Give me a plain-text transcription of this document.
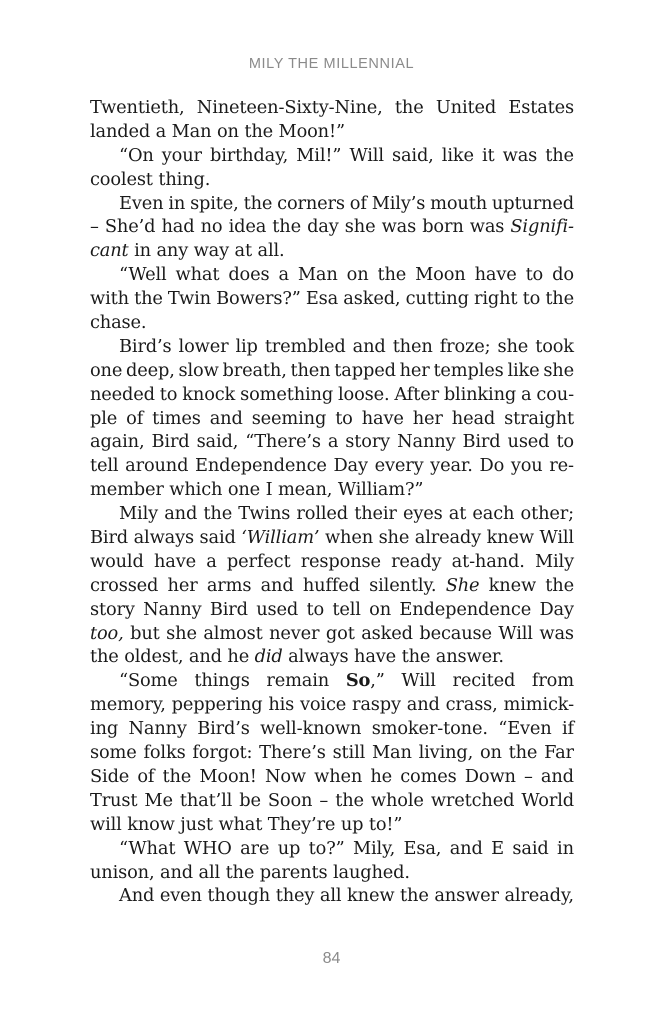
MILY THE MILLENNIAL
Twentieth, Nineteen-Sixty-Nine, the United Estates
landed
a
Man
on
the
Moon!”
“On your birthday, Mil!” Will said, like it was the
coolest
thing.
Even in spite, the corners of Mily’s mouth upturned
– She’d had no idea the day she was born was Signifi-
cant
in
any
way
at
all.
“Well what does a Man on the Moon have to do
with the Twin Bowers?” Esa asked, cutting right to the
chase.
Bird’s lower lip trembled and then froze; she took
one deep, slow breath, then tapped her temples like she
needed to knock something loose. After blinking a cou-
ple of times and seeming to have her head straight
again, Bird said, “There’s a story Nanny Bird used to
tell around Endependence Day every year. Do you re-
member
which
one
I
mean,
William?”
Mily and the Twins rolled their eyes at each other;
Bird always said ‘William’ when she already knew Will
would have a perfect response ready at-hand. Mily
crossed her arms and huffed silently. She knew the
story Nanny Bird used to tell on Endependence Day
too, but she almost never got asked because Will was
the
oldest,
and
he
did
always
have
the
answer.
“Some things remain So,” Will recited from
memory, peppering his voice raspy and crass, mimick-
ing Nanny Bird’s well-known smoker-tone. “Even if
some folks forgot: There’s still Man living, on the Far
Side of the Moon! Now when he comes Down – and
Trust Me that’ll be Soon – the whole wretched World
will
know
just
what
They’re
up
to!”
“What WHO are up to?” Mily, Esa, and E said in
unison,
and
all
the
parents
laughed.
And even though they all knew the answer already,
84
